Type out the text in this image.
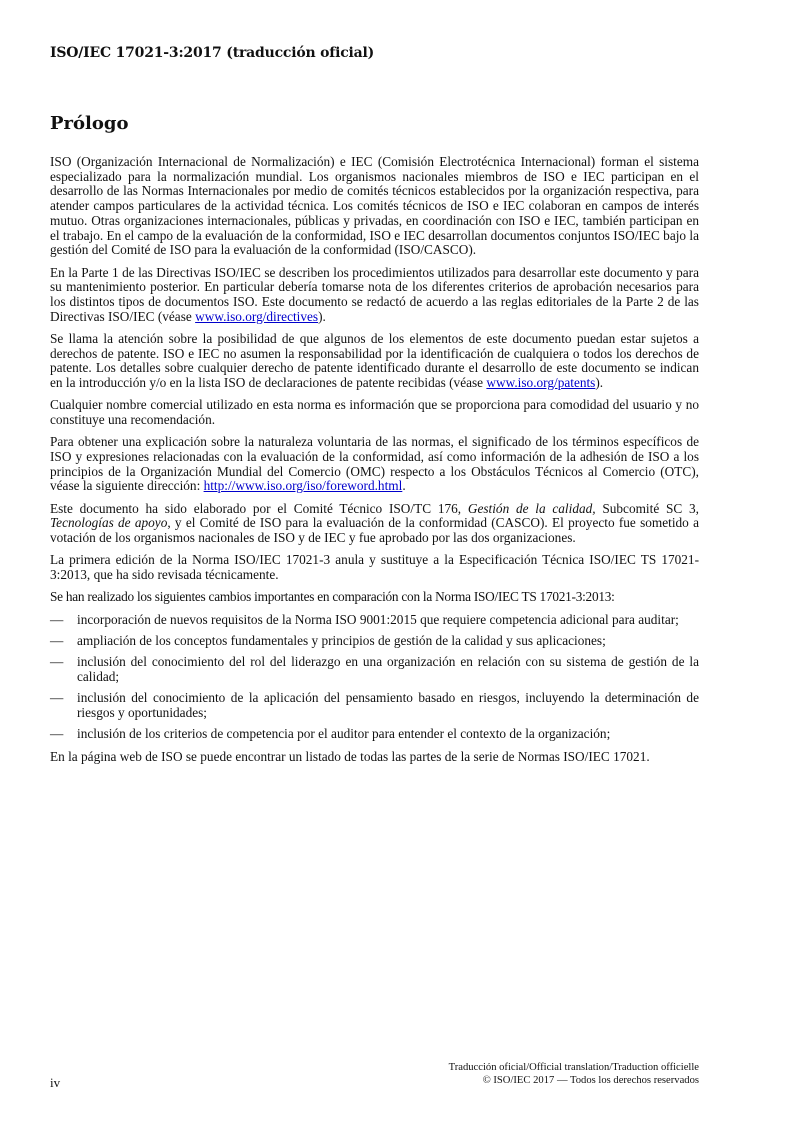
ISO/IEC 17021-3:2017 (traducción oficial)
Prólogo

ISO (Organización Internacional de Normalización) e IEC (Comisión Electrotécnica Internacional) forman el sistema especializado para la normalización mundial. Los organismos nacionales miembros de ISO e IEC participan en el desarrollo de las Normas Internacionales por medio de comités técnicos establecidos por la organización respectiva, para atender campos particulares de la actividad técnica. Los comités técnicos de ISO e IEC colaboran en campos de interés mutuo. Otras organizaciones internacionales, públicas y privadas, en coordinación con ISO e IEC, también participan en el trabajo. En el campo de la evaluación de la conformidad, ISO e IEC desarrollan documentos conjuntos ISO/IEC bajo la gestión del Comité de ISO para la evaluación de la conformidad (ISO/CASCO).

En la Parte 1 de las Directivas ISO/IEC se describen los procedimientos utilizados para desarrollar este documento y para su mantenimiento posterior. En particular debería tomarse nota de los diferentes criterios de aprobación necesarios para los distintos tipos de documentos ISO. Este documento se redactó de acuerdo a las reglas editoriales de la Parte 2 de las Directivas ISO/IEC (véase www.iso.org/directives).

Se llama la atención sobre la posibilidad de que algunos de los elementos de este documento puedan estar sujetos a derechos de patente. ISO e IEC no asumen la responsabilidad por la identificación de cualquiera o todos los derechos de patente. Los detalles sobre cualquier derecho de patente identificado durante el desarrollo de este documento se indican en la introducción y/o en la lista ISO de declaraciones de patente recibidas (véase www.iso.org/patents).

Cualquier nombre comercial utilizado en esta norma es información que se proporciona para comodidad del usuario y no constituye una recomendación.

Para obtener una explicación sobre la naturaleza voluntaria de las normas, el significado de los términos específicos de ISO y expresiones relacionadas con la evaluación de la conformidad, así como información de la adhesión de ISO a los principios de la Organización Mundial del Comercio (OMC) respecto a los Obstáculos Técnicos al Comercio (OTC), véase la siguiente dirección: http://www.iso.org/iso/foreword.html.

Este documento ha sido elaborado por el Comité Técnico ISO/TC 176, Gestión de la calidad, Subcomité SC 3, Tecnologías de apoyo, y el Comité de ISO para la evaluación de la conformidad (CASCO). El proyecto fue sometido a votación de los organismos nacionales de ISO y de IEC y fue aprobado por las dos organizaciones.

La primera edición de la Norma ISO/IEC 17021-3 anula y sustituye a la Especificación Técnica ISO/IEC TS 17021-3:2013, que ha sido revisada técnicamente.

Se han realizado los siguientes cambios importantes en comparación con la Norma ISO/IEC TS 17021-3:2013:

— incorporación de nuevos requisitos de la Norma ISO 9001:2015 que requiere competencia adicional para auditar;
— ampliación de los conceptos fundamentales y principios de gestión de la calidad y sus aplicaciones;
— inclusión del conocimiento del rol del liderazgo en una organización en relación con su sistema de gestión de la calidad;
— inclusión del conocimiento de la aplicación del pensamiento basado en riesgos, incluyendo la determinación de riesgos y oportunidades;
— inclusión de los criterios de competencia por el auditor para entender el contexto de la organización;

En la página web de ISO se puede encontrar un listado de todas las partes de la serie de Normas ISO/IEC 17021.

iv
Traducción oficial/Official translation/Traduction officielle
© ISO/IEC 2017 — Todos los derechos reservados
